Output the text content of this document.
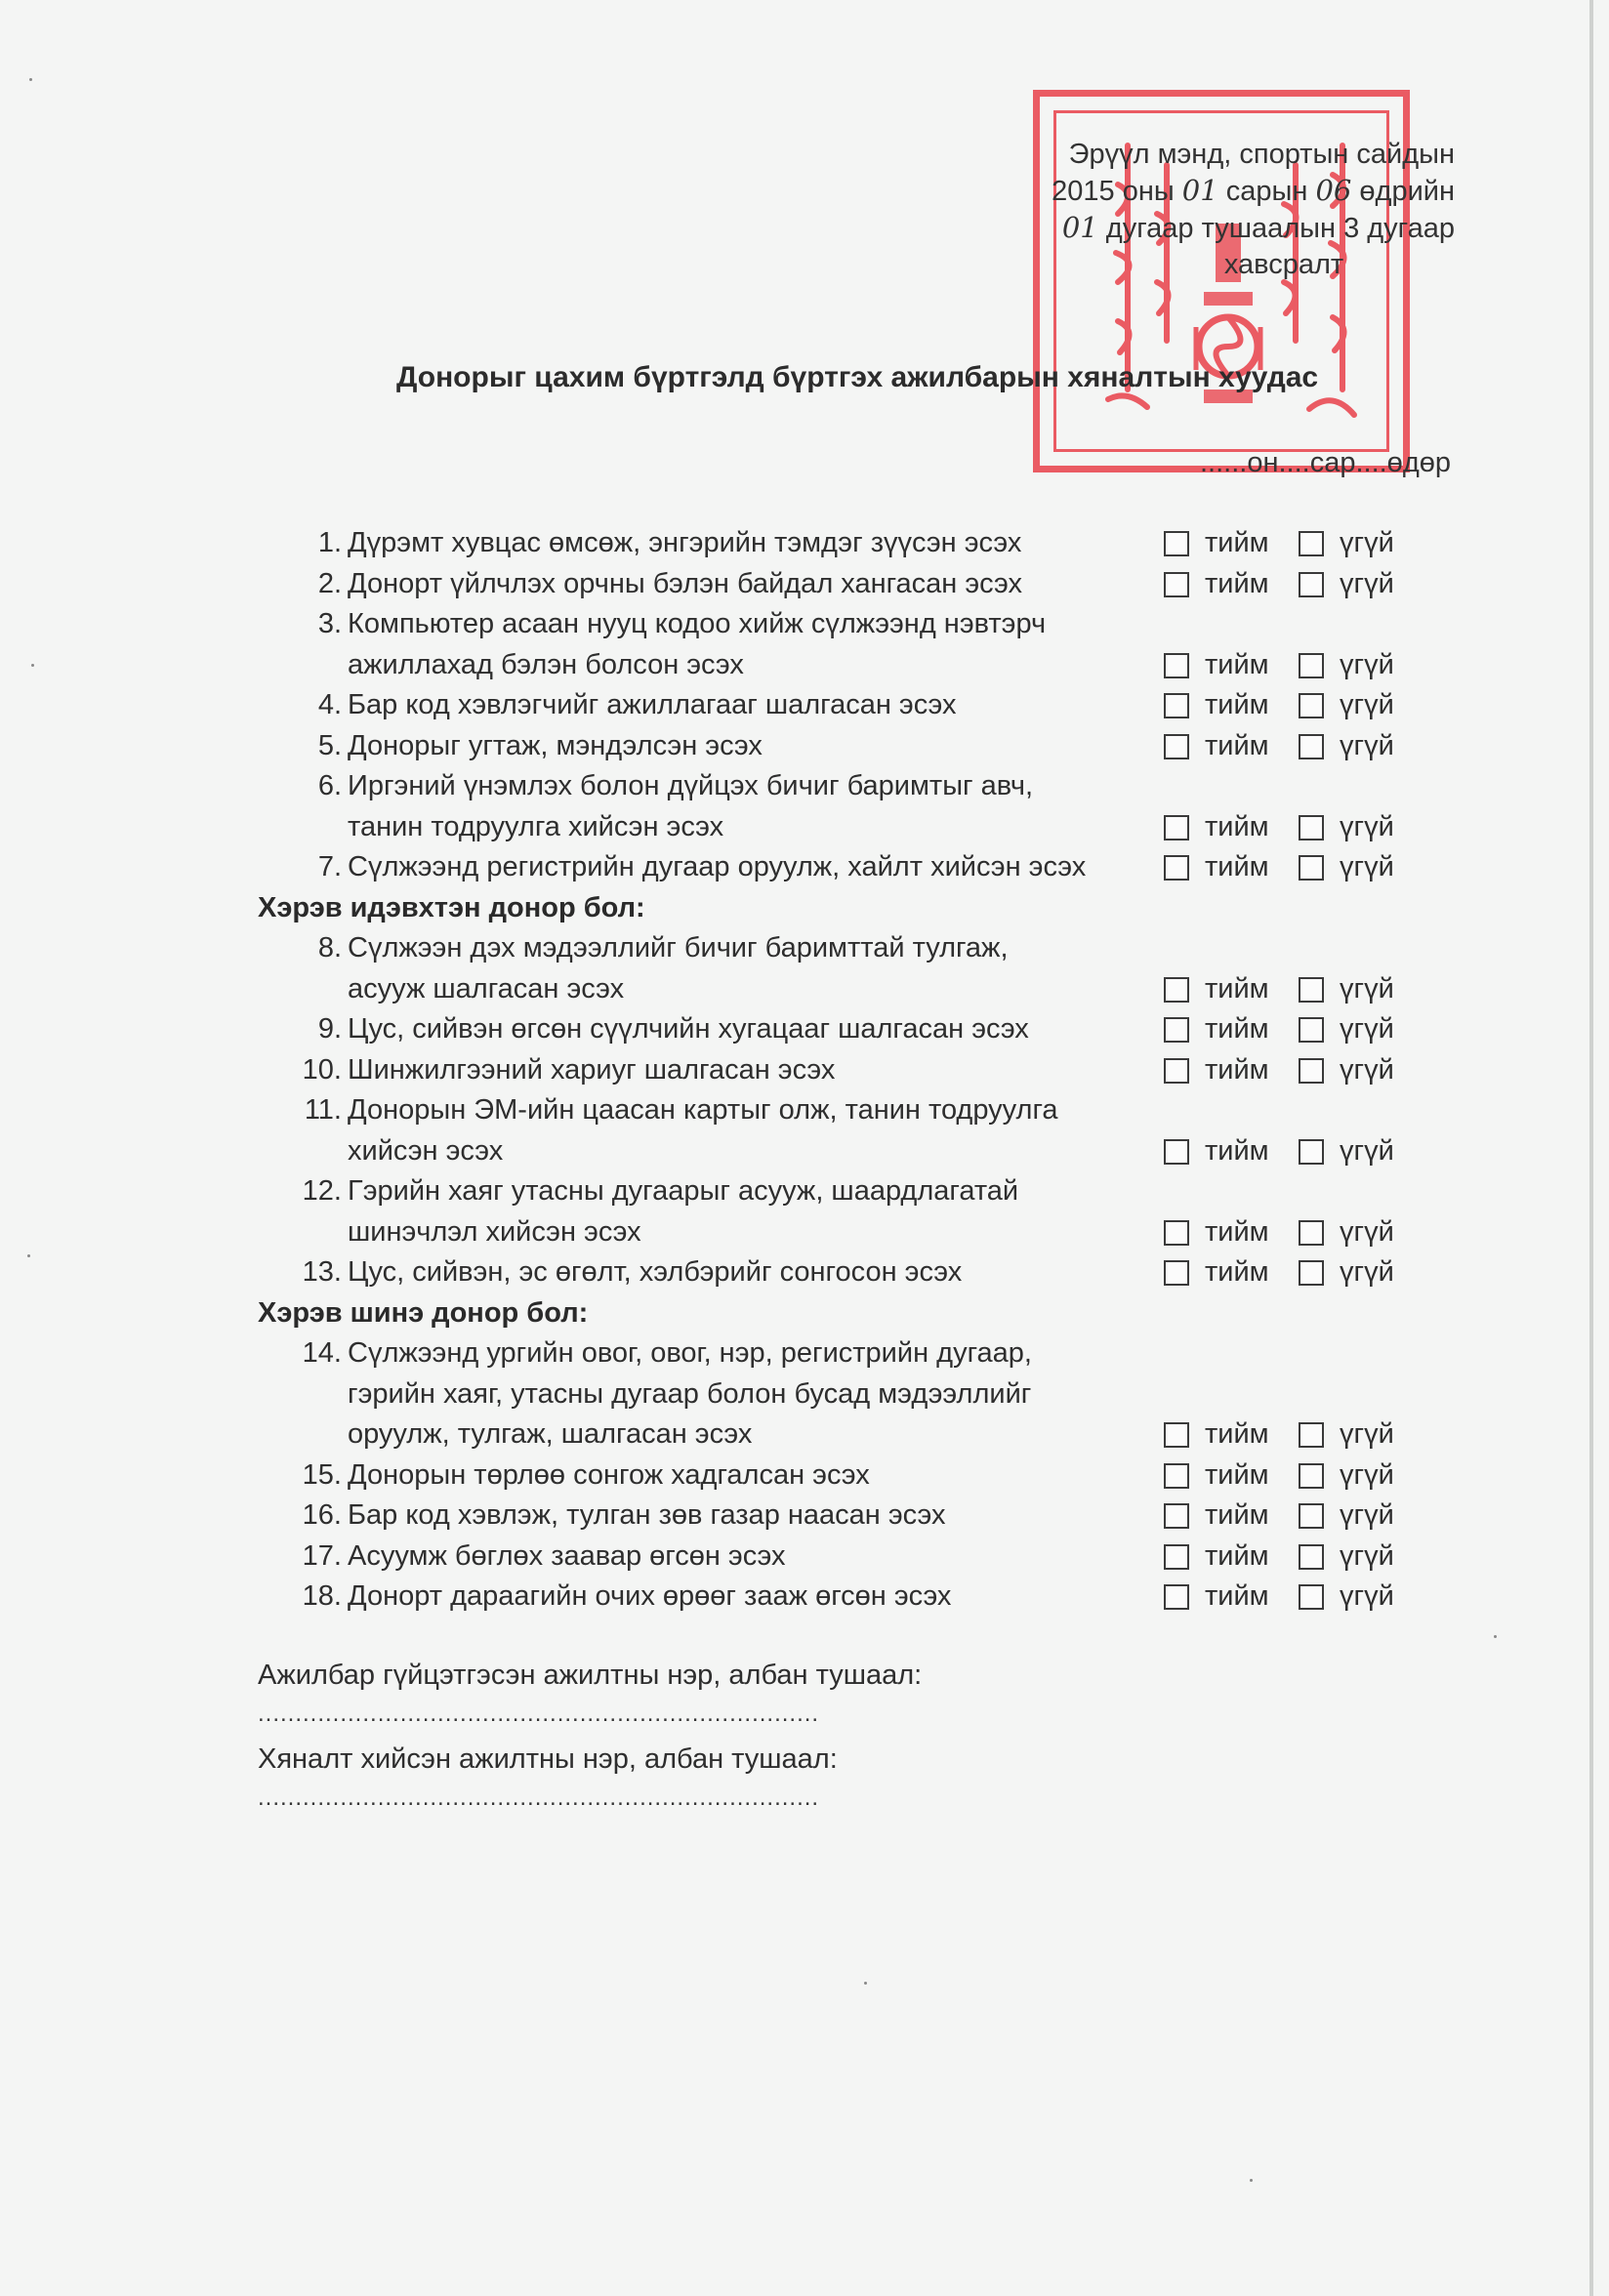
Эрүүл мэнд, спортын сайдын
2015 оны 01 сарын 06 өдрийн
01 дугаар тушаалын 3 дугаар
хавсралт
Донорыг цахим бүртгэлд бүртгэх ажилбарын хяналтын хуудас
......он....сар....өдөр
1. Дүрэмт хувцас өмсөж, энгэрийн тэмдэг зүүсэн эсэх	тийм үгүй
2. Донорт үйлчлэх орчны бэлэн байдал хангасан эсэх	тийм үгүй
3. Компьютер асаан нууц кодоо хийж сүлжээнд нэвтэрч
ажиллахад бэлэн болсон эсэх	тийм үгүй
4. Бар код хэвлэгчийг ажиллагааг шалгасан эсэх	тийм үгүй
5. Донорыг угтаж, мэндэлсэн эсэх	тийм үгүй
6. Иргэний үнэмлэх болон дүйцэх бичиг баримтыг авч,
танин тодруулга хийсэн эсэх	тийм үгүй
7. Сүлжээнд регистрийн дугаар оруулж, хайлт хийсэн эсэх	тийм үгүй
Хэрэв идэвхтэн донор бол:
8. Сүлжээн дэх мэдээллийг бичиг баримттай тулгаж,
асууж шалгасан эсэх	тийм үгүй
9. Цус, сийвэн өгсөн сүүлчийн хугацааг шалгасан эсэх	тийм үгүй
10. Шинжилгээний хариуг шалгасан эсэх	тийм үгүй
11. Донорын ЭМ-ийн цаасан картыг олж, танин тодруулга
хийсэн эсэх	тийм үгүй
12. Гэрийн хаяг утасны дугаарыг асууж, шаардлагатай
шинэчлэл хийсэн эсэх	тийм үгүй
13. Цус, сийвэн, эс өгөлт, хэлбэрийг сонгосон эсэх	тийм үгүй
Хэрэв шинэ донор бол:
14. Сүлжээнд ургийн овог, овог, нэр, регистрийн дугаар,
гэрийн хаяг, утасны дугаар болон бусад мэдээллийг
оруулж, тулгаж, шалгасан эсэх	тийм үгүй
15. Донорын төрлөө сонгож хадгалсан эсэх	тийм үгүй
16. Бар код хэвлэж, тулган зөв газар наасан эсэх	тийм үгүй
17. Асуумж бөглөх заавар өгсөн эсэх	тийм үгүй
18. Донорт дараагийн очих өрөөг зааж өгсөн эсэх	тийм үгүй
Ажилбар гүйцэтгэсэн ажилтны нэр, албан тушаал:
...........................................................................
Хяналт хийсэн ажилтны нэр, албан тушаал:
...........................................................................
